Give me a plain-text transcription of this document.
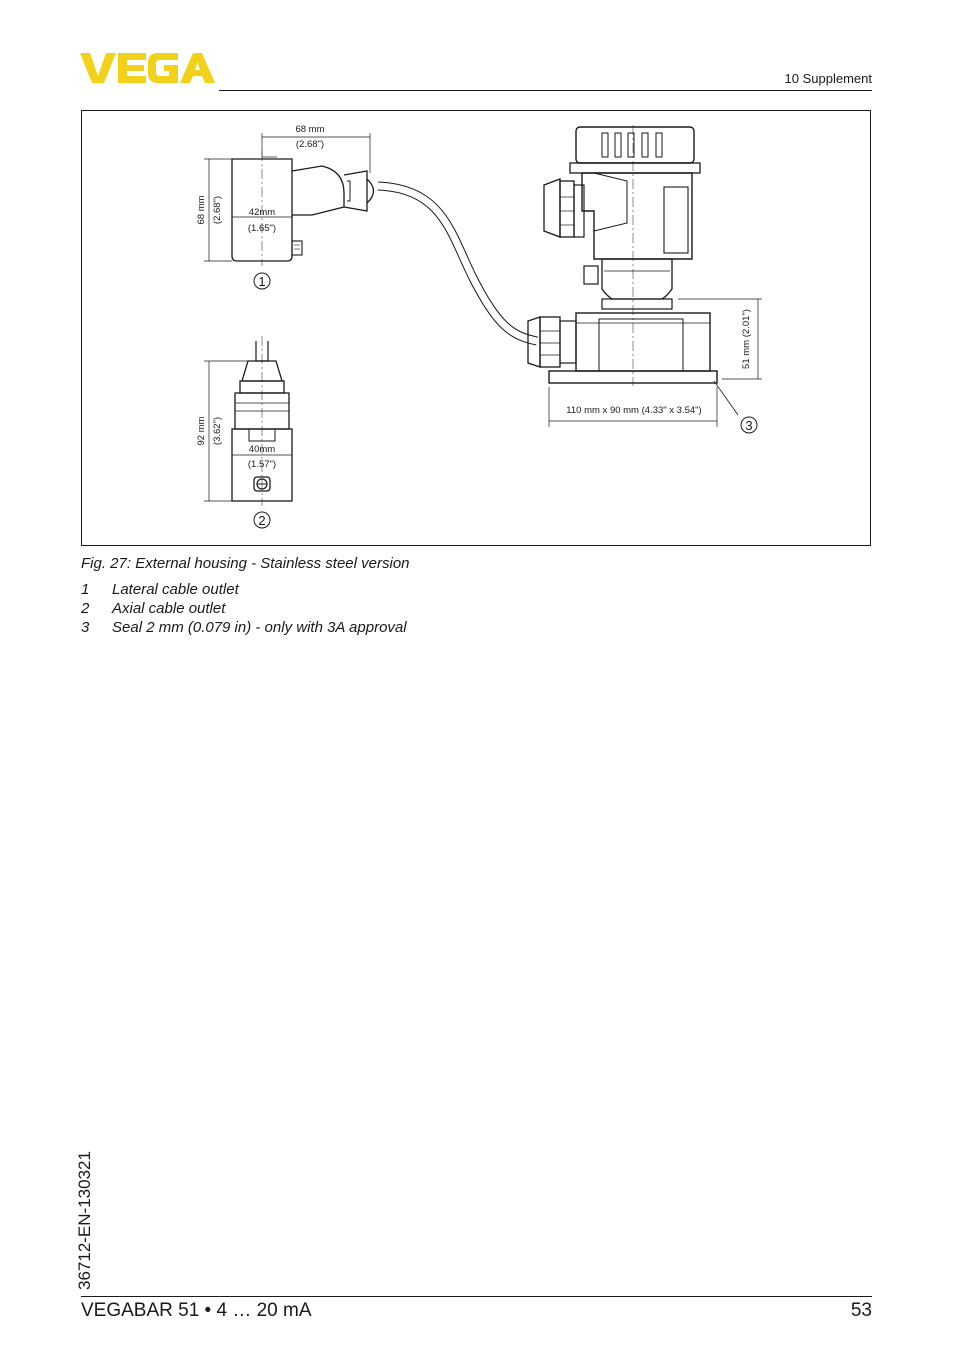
10 Supplement
68 mm
(2.68")
42mm
(1.65")
68 mm (2.68")
40mm
(1.57")
92 mm (3.62")
51 mm (2.01")
110 mm x 90 mm (4.33" x 3.54")
1
2
3
Fig. 27: External housing - Stainless steel version
1 Lateral cable outlet
2 Axial cable outlet
3 Seal 2 mm (0.079 in) - only with 3A approval
36712-EN-130321
VEGABAR 51 • 4 … 20 mA	53
